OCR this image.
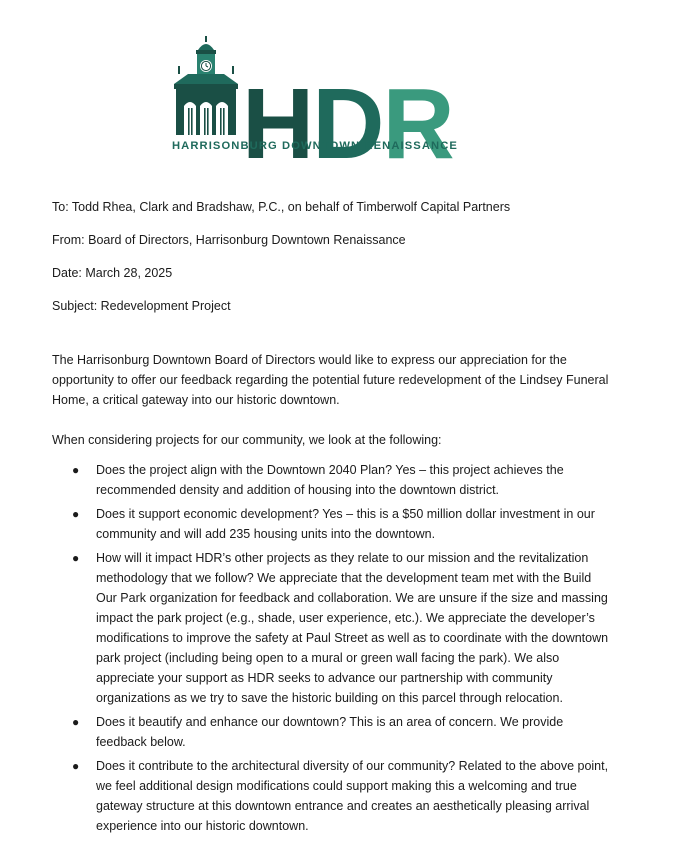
HDR
HARRISONBURG DOWNTOWN RENAISSANCE

To: Todd Rhea, Clark and Bradshaw, P.C., on behalf of Timberwolf Capital Partners

From: Board of Directors, Harrisonburg Downtown Renaissance

Date: March 28, 2025

Subject: Redevelopment Project

The Harrisonburg Downtown Board of Directors would like to express our appreciation for the opportunity to offer our feedback regarding the potential future redevelopment of the Lindsey Funeral Home, a critical gateway into our historic downtown.

When considering projects for our community, we look at the following:

● Does the project align with the Downtown 2040 Plan? Yes – this project achieves the recommended density and addition of housing into the downtown district.
● Does it support economic development? Yes – this is a $50 million dollar investment in our community and will add 235 housing units into the downtown.
● How will it impact HDR’s other projects as they relate to our mission and the revitalization methodology that we follow? We appreciate that the development team met with the Build Our Park organization for feedback and collaboration. We are unsure if the size and massing impact the park project (e.g., shade, user experience, etc.). We appreciate the developer’s modifications to improve the safety at Paul Street as well as to coordinate with the downtown park project (including being open to a mural or green wall facing the park). We also appreciate your support as HDR seeks to advance our partnership with community organizations as we try to save the historic building on this parcel through relocation.
● Does it beautify and enhance our downtown? This is an area of concern. We provide feedback below.
● Does it contribute to the architectural diversity of our community? Related to the above point, we feel additional design modifications could support making this a welcoming and true gateway structure at this downtown entrance and creates an aesthetically pleasing arrival experience into our historic downtown.
